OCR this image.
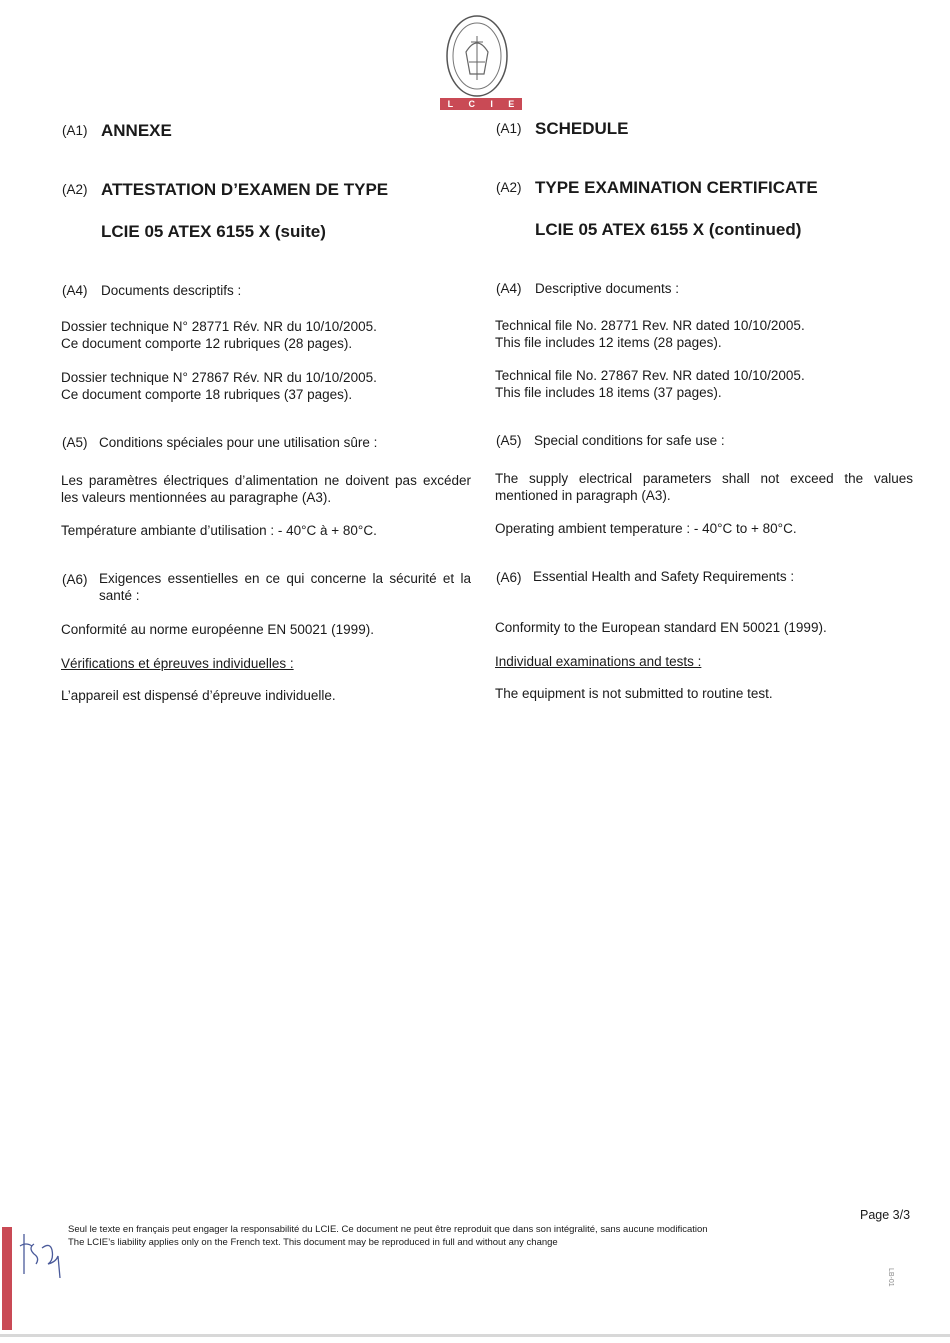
L C I E
(A1) ANNEXE
(A2) ATTESTATION D’EXAMEN DE TYPE
LCIE 05 ATEX 6155 X (suite)
(A4) Documents descriptifs :
Dossier technique N° 28771 Rév. NR du 10/10/2005.
Ce document comporte 12 rubriques (28 pages).
Dossier technique N° 27867 Rév. NR du 10/10/2005.
Ce document comporte 18 rubriques (37 pages).
(A5) Conditions spéciales pour une utilisation sûre :
Les paramètres électriques d’alimentation ne doivent pas excéder les valeurs mentionnées au paragraphe (A3).
Température ambiante d’utilisation : - 40°C à + 80°C.
(A6) Exigences essentielles en ce qui concerne la sécurité et la santé :
Conformité au norme européenne EN 50021 (1999).
Vérifications et épreuves individuelles :
L’appareil est dispensé d’épreuve individuelle.
(A1) SCHEDULE
(A2) TYPE EXAMINATION CERTIFICATE
LCIE 05 ATEX 6155 X (continued)
(A4) Descriptive documents :
Technical file No. 28771 Rev. NR dated 10/10/2005.
This file includes 12 items (28 pages).
Technical file No. 27867 Rev. NR dated 10/10/2005.
This file includes 18 items (37 pages).
(A5) Special conditions for safe use :
The supply electrical parameters shall not exceed the values mentioned in paragraph (A3).
Operating ambient temperature : - 40°C to + 80°C.
(A6) Essential Health and Safety Requirements :
Conformity to the European standard EN 50021 (1999).
Individual examinations and tests :
The equipment is not submitted to routine test.
Page 3/3
Seul le texte en français peut engager la responsabilité du LCIE. Ce document ne peut être reproduit que dans son intégralité, sans aucune modification
The LCIE’s liability applies only on the French text. This document may be reproduced in full and without any change
LB-01
